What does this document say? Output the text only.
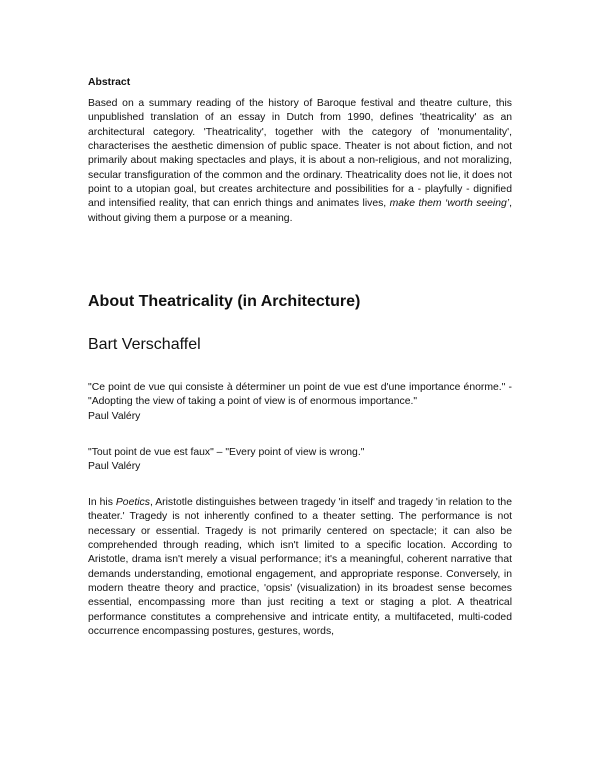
Abstract

Based on a summary reading of the history of Baroque festival and theatre culture, this unpublished translation of an essay in Dutch from 1990, defines 'theatricality' as an architectural category. 'Theatricality', together with the category of 'monumentality', characterises the aesthetic dimension of public space. Theater is not about fiction, and not primarily about making spectacles and plays, it is about a non-religious, and not moralizing, secular transfiguration of the common and the ordinary. Theatricality does not lie, it does not point to a utopian goal, but creates architecture and possibilities for a - playfully - dignified and intensified reality, that can enrich things and animates lives, make them ‘worth seeing’, without giving them a purpose or a meaning.

About Theatricality (in Architecture)
Bart Verschaffel

"Ce point de vue qui consiste à déterminer un point de vue est d'une importance énorme." - "Adopting the view of taking a point of view is of enormous importance."

Paul Valéry

"Tout point de vue est faux" – "Every point of view is wrong."

Paul Valéry

In his Poetics, Aristotle distinguishes between tragedy 'in itself' and tragedy 'in relation to the theater.' Tragedy is not inherently confined to a theater setting. The performance is not necessary or essential. Tragedy is not primarily centered on spectacle; it can also be comprehended through reading, which isn't limited to a specific location. According to Aristotle, drama isn't merely a visual performance; it's a meaningful, coherent narrative that demands understanding, emotional engagement, and appropriate response. Conversely, in modern theatre theory and practice, 'opsis' (visualization) in its broadest sense becomes essential, encompassing more than just reciting a text or staging a plot. A theatrical performance constitutes a comprehensive and intricate entity, a multifaceted, multi-coded occurrence encompassing postures, gestures, words,
